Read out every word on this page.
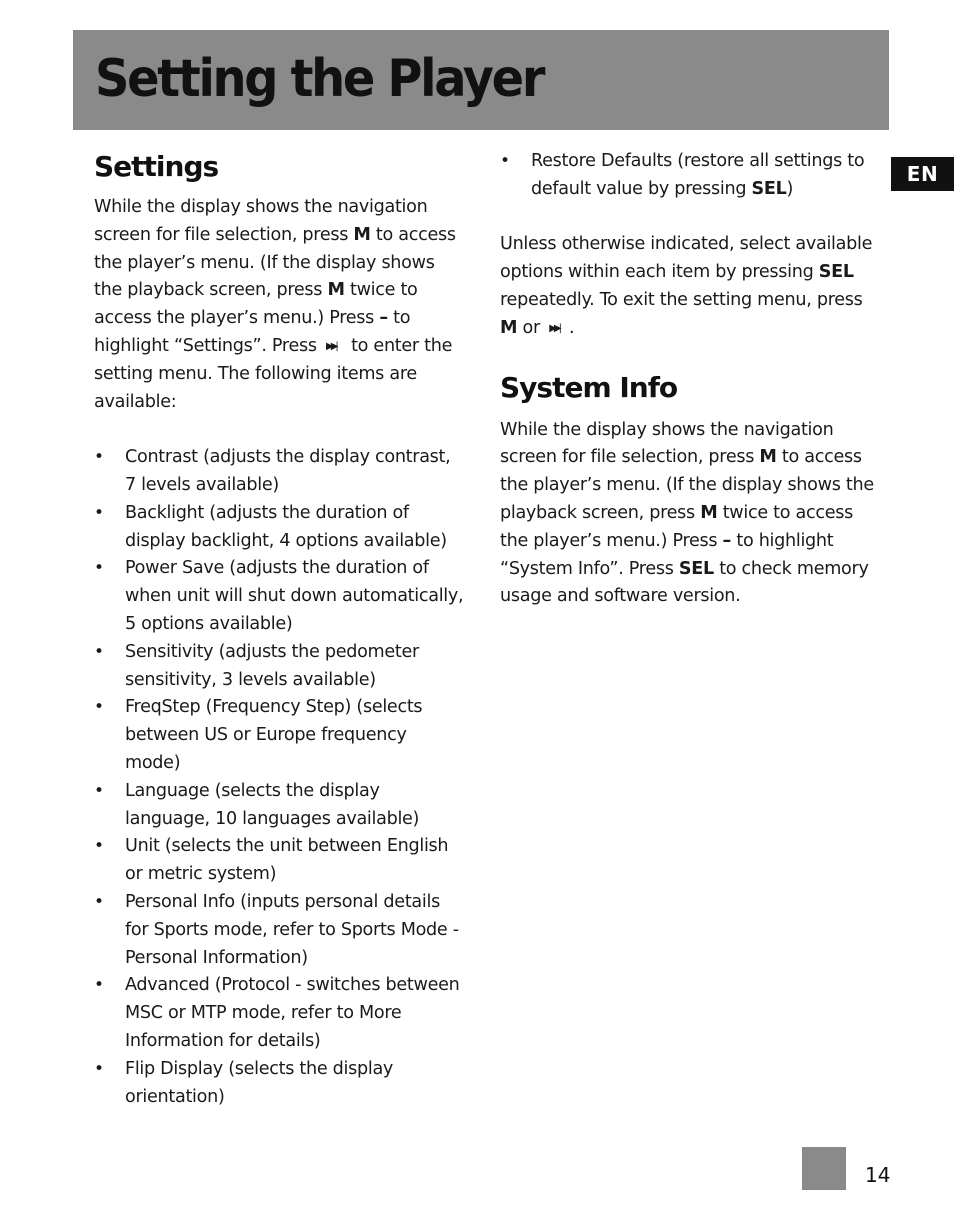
Setting the Player
EN
Settings

While the display shows the navigation screen for file selection, press M to access the player’s menu. (If the display shows the playback screen, press M twice to access the player’s menu.) Press – to highlight “Settings”. Press ▶▶| to enter the setting menu. The following items are available:

• Contrast (adjusts the display contrast, 7 levels available)
• Backlight (adjusts the duration of display backlight, 4 options available)
• Power Save (adjusts the duration of when unit will shut down automatically, 5 options available)
• Sensitivity (adjusts the pedometer sensitivity, 3 levels available)
• FreqStep (Frequency Step) (selects between US or Europe frequency mode)
• Language (selects the display language, 10 languages available)
• Unit (selects the unit between English or metric system)
• Personal Info (inputs personal details for Sports mode, refer to Sports Mode - Personal Information)
• Advanced (Protocol - switches between MSC or MTP mode, refer to More Information for details)
• Flip Display (selects the display orientation)
• Restore Defaults (restore all settings to default value by pressing SEL)

Unless otherwise indicated, select available options within each item by pressing SEL repeatedly. To exit the setting menu, press M or ▶▶| .

System Info

While the display shows the navigation screen for file selection, press M to access the player’s menu. (If the display shows the playback screen, press M twice to access the player’s menu.) Press – to highlight “System Info”. Press SEL to check memory usage and software version.

14
